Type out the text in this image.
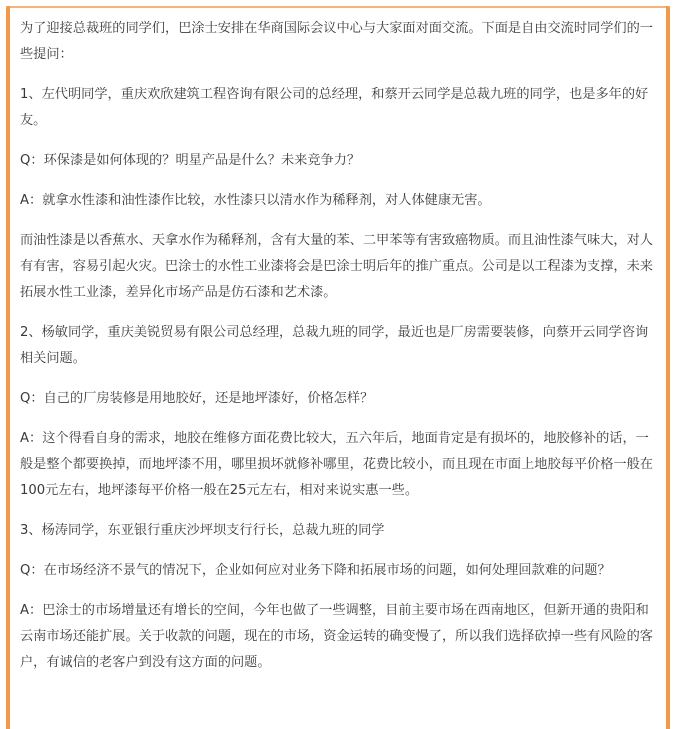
为了迎接总裁班的同学们，巴涂士安排在华商国际会议中心与大家面对面交流。下面是自由交流时同学们的一些提问：

1、左代明同学，重庆欢欣建筑工程咨询有限公司的总经理，和蔡开云同学是总裁九班的同学，也是多年的好友。

Q：环保漆是如何体现的？明星产品是什么？未来竞争力？

A：就拿水性漆和油性漆作比较，水性漆只以清水作为稀释剂，对人体健康无害。

而油性漆是以香蕉水、天拿水作为稀释剂，含有大量的苯、二甲苯等有害致癌物质。而且油性漆气味大，对人有有害，容易引起火灾。巴涂士的水性工业漆将会是巴涂士明后年的推广重点。公司是以工程漆为支撑，未来拓展水性工业漆，差异化市场产品是仿石漆和艺术漆。

2、杨敏同学，重庆美锐贸易有限公司总经理，总裁九班的同学，最近也是厂房需要装修，向蔡开云同学咨询相关问题。

Q：自己的厂房装修是用地胶好，还是地坪漆好，价格怎样？

A：这个得看自身的需求，地胶在维修方面花费比较大，五六年后，地面肯定是有损坏的，地胶修补的话，一般是整个都要换掉，而地坪漆不用，哪里损坏就修补哪里，花费比较小，而且现在市面上地胶每平价格一般在100元左右，地坪漆每平价格一般在25元左右，相对来说实惠一些。

3、杨涛同学，东亚银行重庆沙坪坝支行行长，总裁九班的同学

Q：在市场经济不景气的情况下，企业如何应对业务下降和拓展市场的问题，如何处理回款难的问题？

A：巴涂士的市场增量还有增长的空间，今年也做了一些调整，目前主要市场在西南地区，但新开通的贵阳和云南市场还能扩展。关于收款的问题，现在的市场，资金运转的确变慢了，所以我们选择砍掉一些有风险的客户，有诚信的老客户到没有这方面的问题。
